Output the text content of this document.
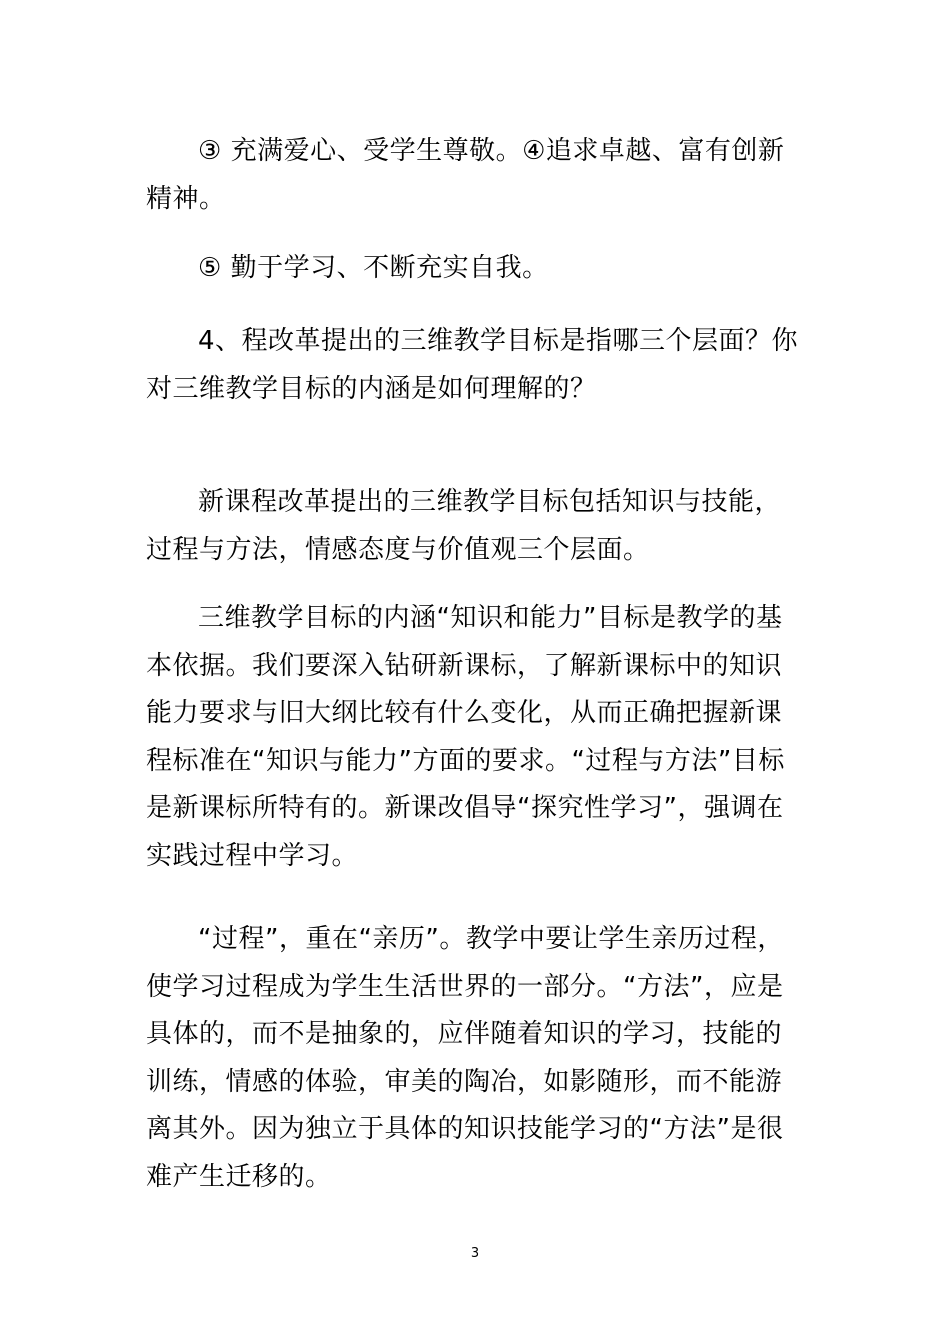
③ 充满爱心、受学生尊敬。④追求卓越、富有创新精神。

⑤ 勤于学习、不断充实自我。

4、程改革提出的三维教学目标是指哪三个层面？你对三维教学目标的内涵是如何理解的？

新课程改革提出的三维教学目标包括知识与技能，过程与方法，情感态度与价值观三个层面。

三维教学目标的内涵“知识和能力”目标是教学的基本依据。我们要深入钻研新课标，了解新课标中的知识能力要求与旧大纲比较有什么变化，从而正确把握新课程标准在“知识与能力”方面的要求。“过程与方法”目标是新课标所特有的。新课改倡导“探究性学习”，强调在实践过程中学习。

“过程”，重在“亲历”。教学中要让学生亲历过程，使学习过程成为学生生活世界的一部分。“方法”，应是具体的，而不是抽象的，应伴随着知识的学习，技能的训练，情感的体验，审美的陶冶，如影随形，而不能游离其外。因为独立于具体的知识技能学习的“方法”是很难产生迁移的。

3
